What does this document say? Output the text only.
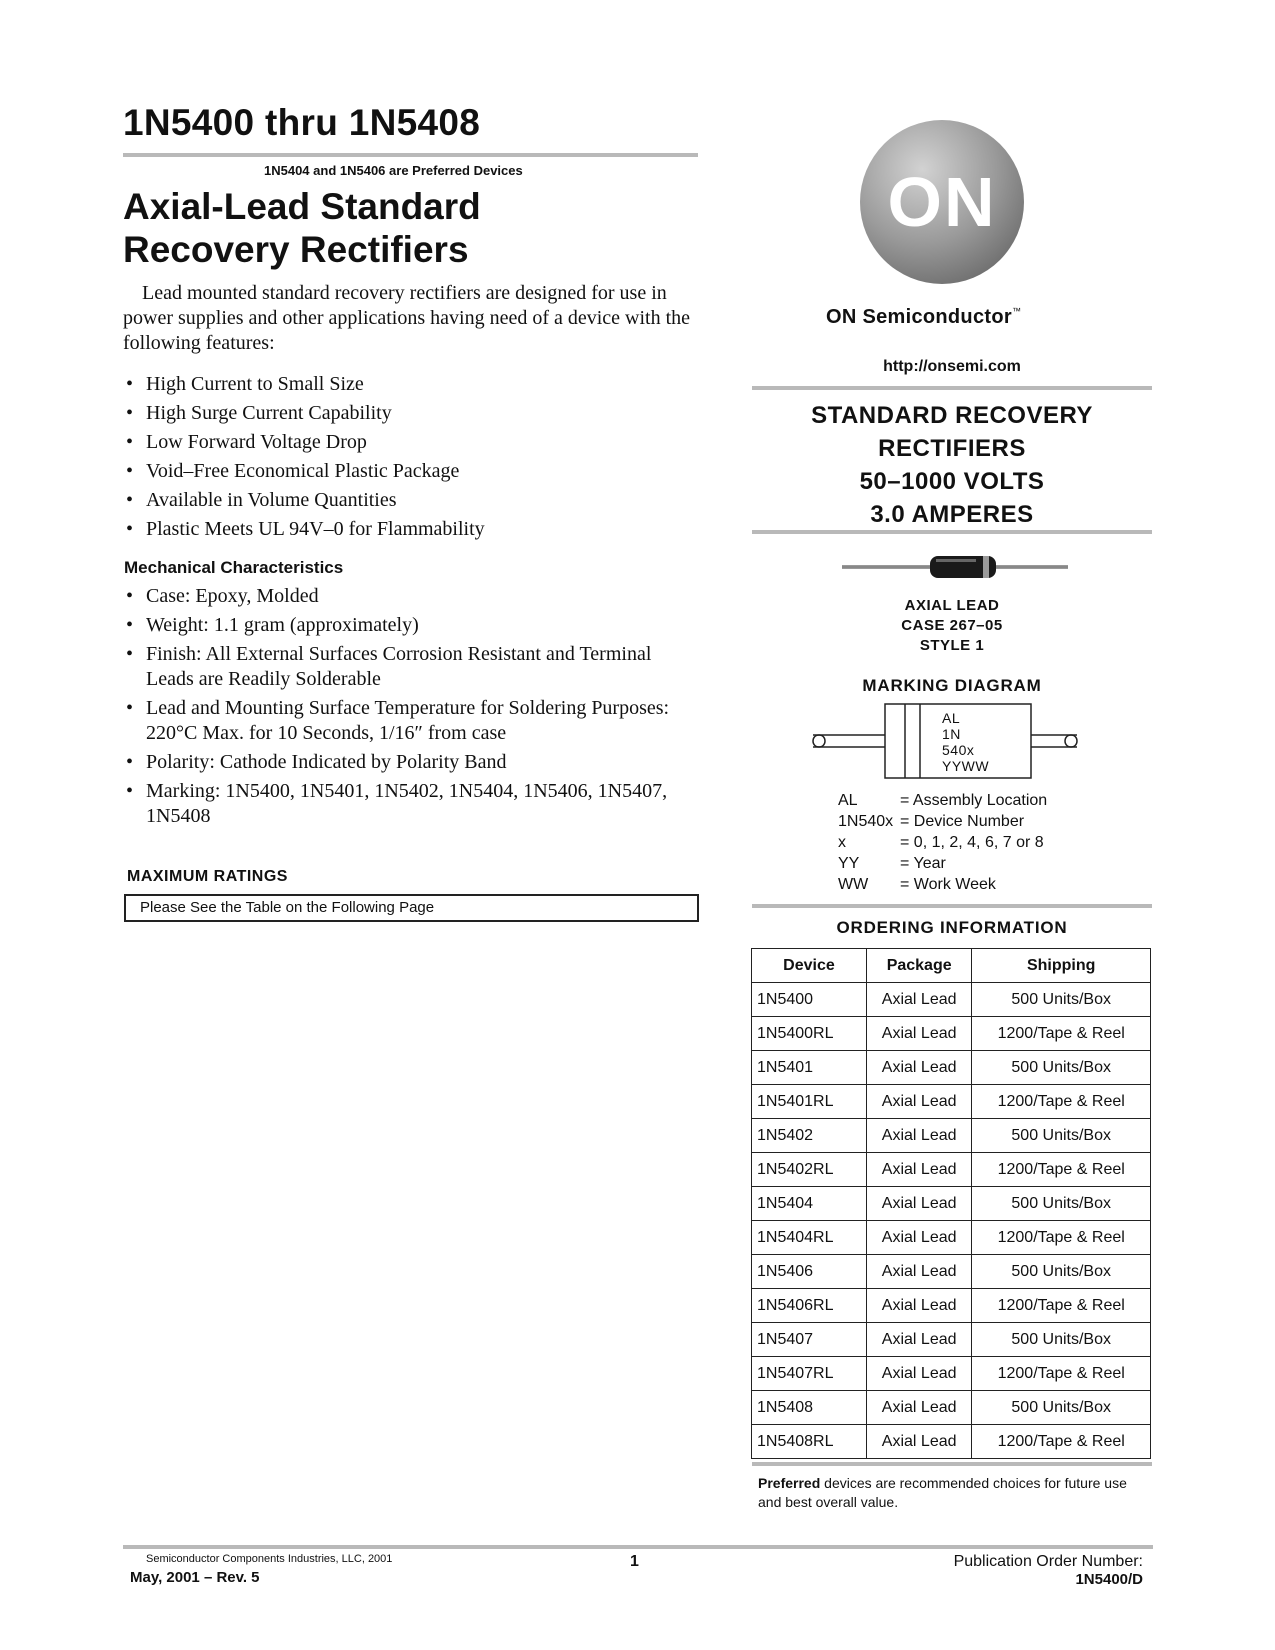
1N5400 thru 1N5408
1N5404 and 1N5406 are Preferred Devices
Axial-Lead Standard
Recovery Rectifiers
Lead mounted standard recovery rectifiers are designed for use in power supplies and other applications having need of a device with the following features:
• High Current to Small Size
• High Surge Current Capability
• Low Forward Voltage Drop
• Void–Free Economical Plastic Package
• Available in Volume Quantities
• Plastic Meets UL 94V–0 for Flammability
Mechanical Characteristics
• Case: Epoxy, Molded
• Weight: 1.1 gram (approximately)
• Finish: All External Surfaces Corrosion Resistant and Terminal Leads are Readily Solderable
• Lead and Mounting Surface Temperature for Soldering Purposes: 220°C Max. for 10 Seconds, 1/16″ from case
• Polarity: Cathode Indicated by Polarity Band
• Marking: 1N5400, 1N5401, 1N5402, 1N5404, 1N5406, 1N5407, 1N5408
MAXIMUM RATINGS
Please See the Table on the Following Page
ON
ON Semiconductor™
http://onsemi.com
STANDARD RECOVERY
RECTIFIERS
50–1000 VOLTS
3.0 AMPERES
AXIAL LEAD
CASE 267–05
STYLE 1
MARKING DIAGRAM
AL
1N
540x
YYWW
AL	= Assembly Location
1N540x	= Device Number
x	= 0, 1, 2, 4, 6, 7 or 8
YY	= Year
WW	= Work Week
ORDERING INFORMATION
Device	Package	Shipping
1N5400	Axial Lead	500 Units/Box
1N5400RL	Axial Lead	1200/Tape & Reel
1N5401	Axial Lead	500 Units/Box
1N5401RL	Axial Lead	1200/Tape & Reel
1N5402	Axial Lead	500 Units/Box
1N5402RL	Axial Lead	1200/Tape & Reel
1N5404	Axial Lead	500 Units/Box
1N5404RL	Axial Lead	1200/Tape & Reel
1N5406	Axial Lead	500 Units/Box
1N5406RL	Axial Lead	1200/Tape & Reel
1N5407	Axial Lead	500 Units/Box
1N5407RL	Axial Lead	1200/Tape & Reel
1N5408	Axial Lead	500 Units/Box
1N5408RL	Axial Lead	1200/Tape & Reel
Preferred devices are recommended choices for future use and best overall value.
Semiconductor Components Industries, LLC, 2001
May, 2001 – Rev. 5
1	Publication Order Number:
1N5400/D
